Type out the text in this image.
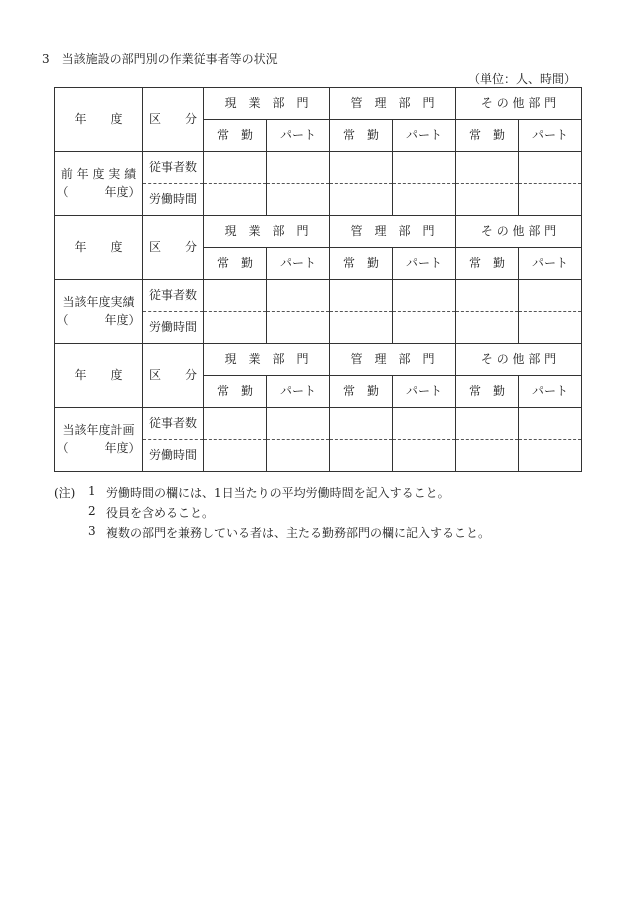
3　当該施設の部門別の作業従事者等の状況
（単位：人、時間）
年　　度	区　　分	現　業　部　門		管　理　部　門		そ の 他 部 門	
		常　勤	パート	常　勤	パート	常　勤	パート

前 年 度 実 績
（　　　年度）	従事者数						
	労働時間						
年　　度	区　　分	現　業　部　門		管　理　部　門		そ の 他 部 門	
		常　勤	パート	常　勤	パート	常　勤	パート

当該年度実績
（　　　年度）	従事者数						
	労働時間						
年　　度	区　　分	現　業　部　門		管　理　部　門		そ の 他 部 門	
		常　勤	パート	常　勤	パート	常　勤	パート

当該年度計画
（　　　年度）	従事者数						
	労働時間						
(注) 1 労働時間の欄には、1日当たりの平均労働時間を記入すること。
2 役員を含めること。
3 複数の部門を兼務している者は、主たる勤務部門の欄に記入すること。
